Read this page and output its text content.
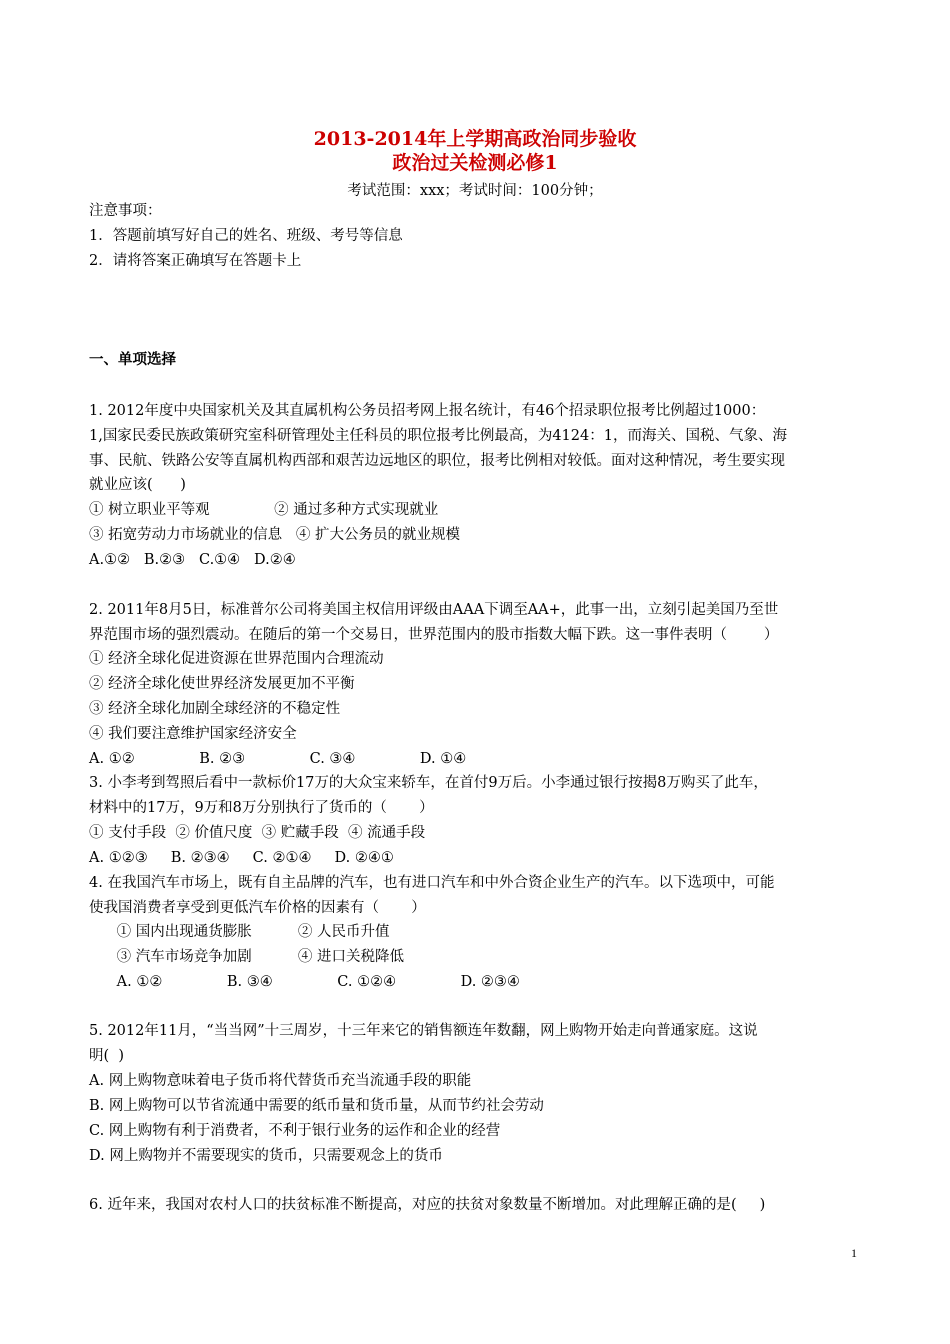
2013-2014年上学期高政治同步验收
政治过关检测必修1
考试范围：xxx；考试时间：100分钟；
注意事项：
1．答题前填写好自己的姓名、班级、考号等信息
2．请将答案正确填写在答题卡上
一、单项选择
1. 2012年度中央国家机关及其直属机构公务员招考网上报名统计，有46个招录职位报考比例超过1000：
1,国家民委民族政策研究室科研管理处主任科员的职位报考比例最高，为4124：1，而海关、国税、气象、海
事、民航、铁路公安等直属机构西部和艰苦边远地区的职位，报考比例相对较低。面对这种情况，考生要实现
就业应该(      )
① 树立职业平等观              ② 通过多种方式实现就业
③ 拓宽劳动力市场就业的信息   ④ 扩大公务员的就业规模
A.①②   B.②③   C.①④   D.②④
2. 2011年8月5日，标准普尔公司将美国主权信用评级由AAA下调至AA+，此事一出，立刻引起美国乃至世
界范围市场的强烈震动。在随后的第一个交易日，世界范围内的股市指数大幅下跌。这一事件表明（        ）
① 经济全球化促进资源在世界范围内合理流动
② 经济全球化使世界经济发展更加不平衡
③ 经济全球化加剧全球经济的不稳定性
④ 我们要注意维护国家经济安全
A. ①②              B. ②③              C. ③④              D. ①④
3. 小李考到驾照后看中一款标价17万的大众宝来轿车，在首付9万后。小李通过银行按揭8万购买了此车，
材料中的17万，9万和8万分别执行了货币的（       ）
① 支付手段  ② 价值尺度  ③ 贮藏手段  ④ 流通手段
A. ①②③     B. ②③④     C. ②①④     D. ②④①
4. 在我国汽车市场上，既有自主品牌的汽车，也有进口汽车和中外合资企业生产的汽车。以下选项中，可能
使我国消费者享受到更低汽车价格的因素有（       ）
① 国内出现通货膨胀          ② 人民币升值
③ 汽车市场竞争加剧          ④ 进口关税降低
A. ①②              B. ③④              C. ①②④              D. ②③④
5. 2012年11月，“当当网”十三周岁，十三年来它的销售额连年数翻，网上购物开始走向普通家庭。这说
明(  )
A. 网上购物意味着电子货币将代替货币充当流通手段的职能
B. 网上购物可以节省流通中需要的纸币量和货币量，从而节约社会劳动
C. 网上购物有利于消费者，不利于银行业务的运作和企业的经营
D. 网上购物并不需要现实的货币，只需要观念上的货币
6. 近年来，我国对农村人口的扶贫标准不断提高，对应的扶贫对象数量不断增加。对此理解正确的是(     )
1
